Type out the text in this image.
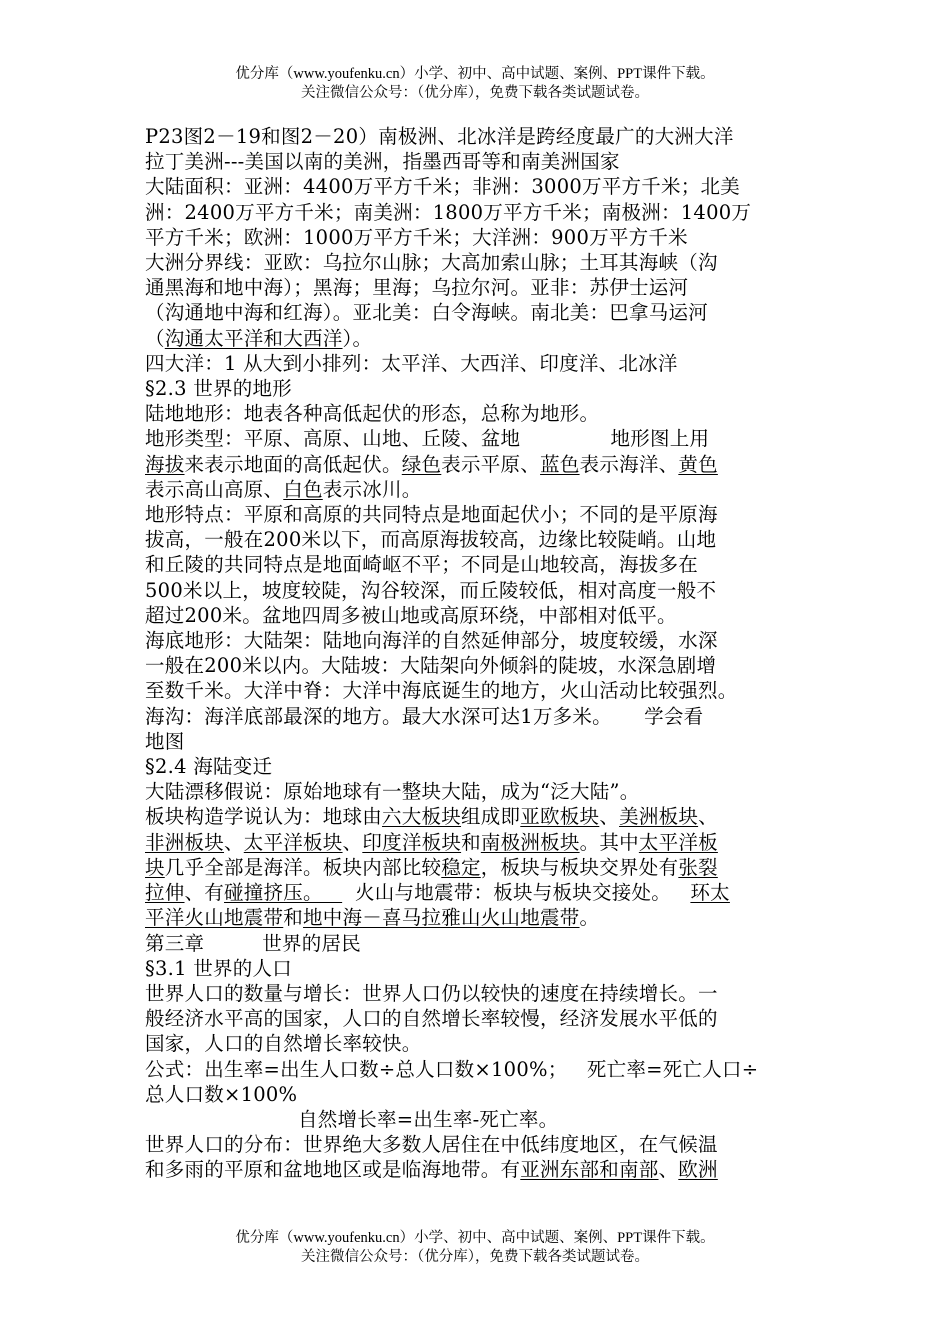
优分库（www.youfenku.cn）小学、初中、高中试题、案例、PPT课件下载。
关注微信公众号：（优分库），免费下载各类试题试卷。

P23图2－19和图2－20）南极洲、北冰洋是跨经度最广的大洲大洋

拉丁美洲---美国以南的美洲，指墨西哥等和南美洲国家

大陆面积：亚洲：4400万平方千米；非洲：3000万平方千米；北美

洲：2400万平方千米；南美洲：1800万平方千米；南极洲：1400万

平方千米；欧洲：1000万平方千米；大洋洲：900万平方千米

大洲分界线：亚欧：乌拉尔山脉；大高加索山脉；土耳其海峡（沟

通黑海和地中海）；黑海；里海；乌拉尔河。亚非：苏伊士运河

（沟通地中海和红海）。亚北美：白令海峡。南北美：巴拿马运河

（沟通太平洋和大西洋）。

四大洋：1 从大到小排列：太平洋、大西洋、印度洋、北冰洋

§2.3 世界的地形

陆地地形：地表各种高低起伏的形态，总称为地形。

地形类型：平原、高原、山地、丘陵、盆地              地形图上用

海拔来表示地面的高低起伏。绿色表示平原、蓝色表示海洋、黄色

表示高山高原、白色表示冰川。

地形特点：平原和高原的共同特点是地面起伏小；不同的是平原海

拔高，一般在200米以下，而高原海拔较高，边缘比较陡峭。山地

和丘陵的共同特点是地面崎岖不平；不同是山地较高，海拔多在

500米以上，坡度较陡，沟谷较深，而丘陵较低，相对高度一般不

超过200米。盆地四周多被山地或高原环绕，中部相对低平。

海底地形：大陆架：陆地向海洋的自然延伸部分，坡度较缓，水深

一般在200米以内。大陆坡：大陆架向外倾斜的陡坡，水深急剧增

至数千米。大洋中脊：大洋中海底诞生的地方，火山活动比较强烈。

海沟：海洋底部最深的地方。最大水深可达1万多米。     学会看

地图

§2.4 海陆变迁

大陆漂移假说：原始地球有一整块大陆，成为“泛大陆”。

板块构造学说认为：地球由六大板块组成即亚欧板块、美洲板块、

非洲板块、太平洋板块、印度洋板块和南极洲板块。其中太平洋板

块几乎全部是海洋。板块内部比较稳定，板块与板块交界处有张裂

拉伸、有碰撞挤压。     火山与地震带：板块与板块交接处。   环太

平洋火山地震带和地中海－喜马拉雅山火山地震带。

第三章         世界的居民

§3.1 世界的人口

世界人口的数量与增长：世界人口仍以较快的速度在持续增长。一

般经济水平高的国家，人口的自然增长率较慢，经济发展水平低的

国家，人口的自然增长率较快。

公式：出生率=出生人口数÷总人口数×100%；   死亡率=死亡人口÷

总人口数×100%

自然增长率=出生率-死亡率。

世界人口的分布：世界绝大多数人居住在中低纬度地区，在气候温

和多雨的平原和盆地地区或是临海地带。有亚洲东部和南部、欧洲

优分库（www.youfenku.cn）小学、初中、高中试题、案例、PPT课件下载。
关注微信公众号：（优分库），免费下载各类试题试卷。
